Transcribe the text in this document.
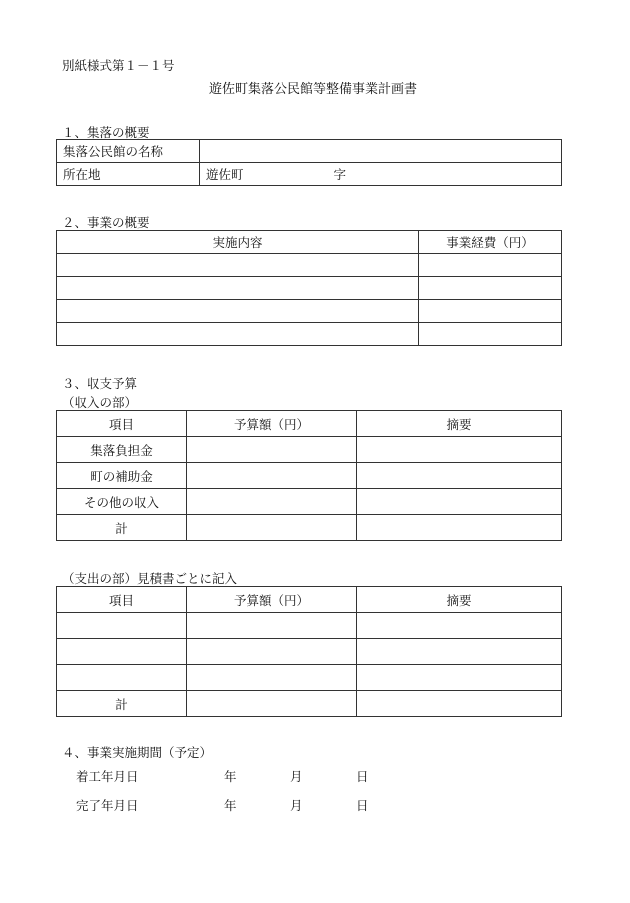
別紙様式第１－１号
遊佐町集落公民館等整備事業計画書
１、集落の概要
集落公民館の名称	
所在地	遊佐町 字
２、事業の概要
実施内容	事業経費（円）

３、収支予算
（収入の部）
項目	予算額（円）	摘要
集落負担金		
町の補助金		
その他の収入		
計		
（支出の部）見積書ごとに記入
項目	予算額（円）	摘要

計		
４、事業実施期間（予定）
着工年月日	年	月	日
完了年月日	年	月	日
